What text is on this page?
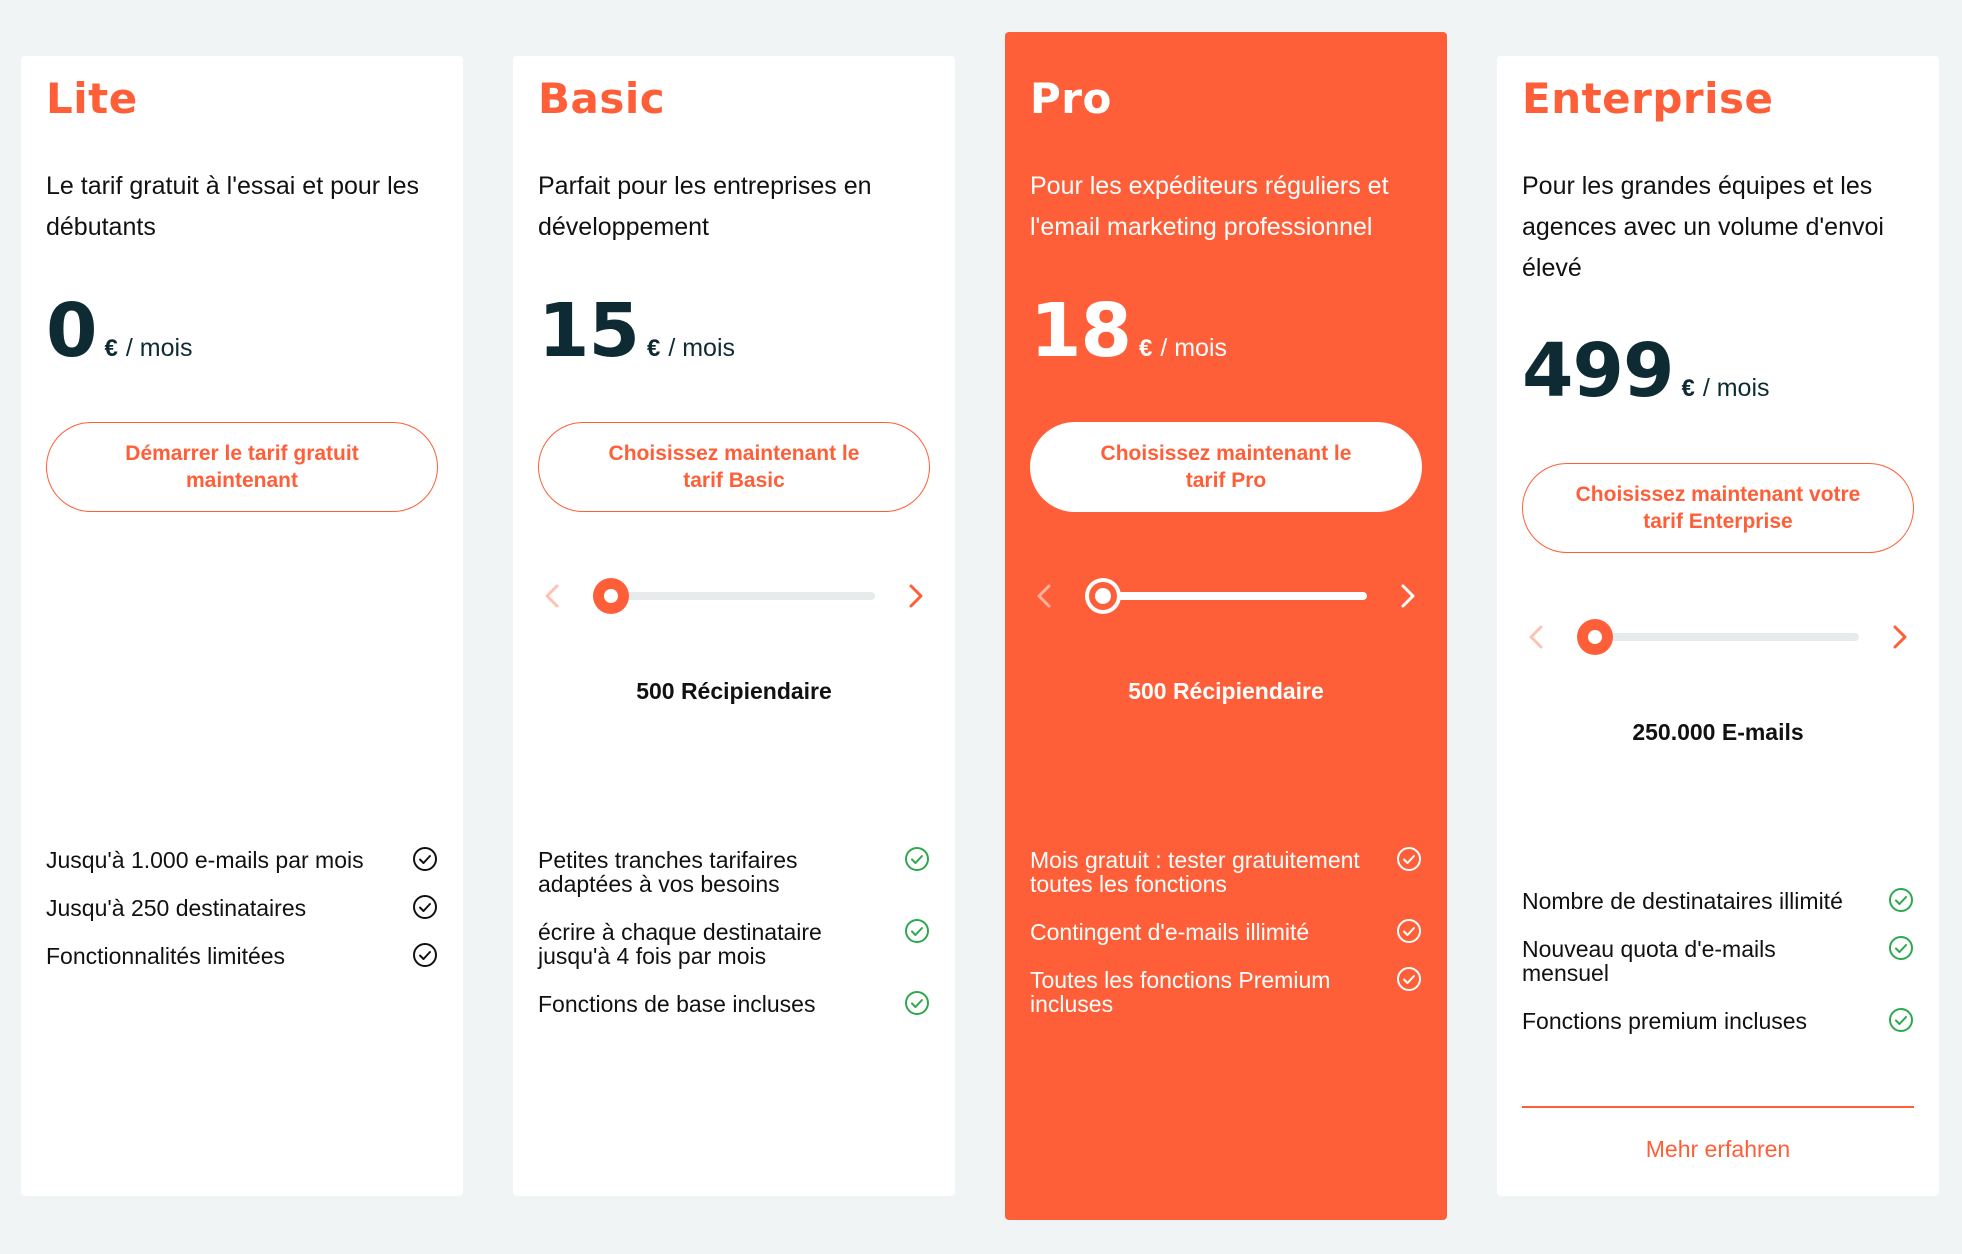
Lite
Le tarif gratuit à l'essai et pour les débutants
0 € / mois
Démarrer le tarif gratuit maintenant
Jusqu'à 1.000 e-mails par mois
Jusqu'à 250 destinataires
Fonctionnalités limitées
Basic
Parfait pour les entreprises en développement
15 € / mois
Choisissez maintenant le tarif Basic
500 Récipiendaire
Petites tranches tarifaires adaptées à vos besoins
écrire à chaque destinataire jusqu'à 4 fois par mois
Fonctions de base incluses
Pro
Pour les expéditeurs réguliers et l'email marketing professionnel
18 € / mois
Choisissez maintenant le tarif Pro
500 Récipiendaire
Mois gratuit : tester gratuitement toutes les fonctions
Contingent d'e-mails illimité
Toutes les fonctions Premium incluses
Enterprise
Pour les grandes équipes et les agences avec un volume d'envoi élevé
499 € / mois
Choisissez maintenant votre tarif Enterprise
250.000 E-mails
Nombre de destinataires illimité
Nouveau quota d'e-mails mensuel
Fonctions premium incluses
Mehr erfahren
